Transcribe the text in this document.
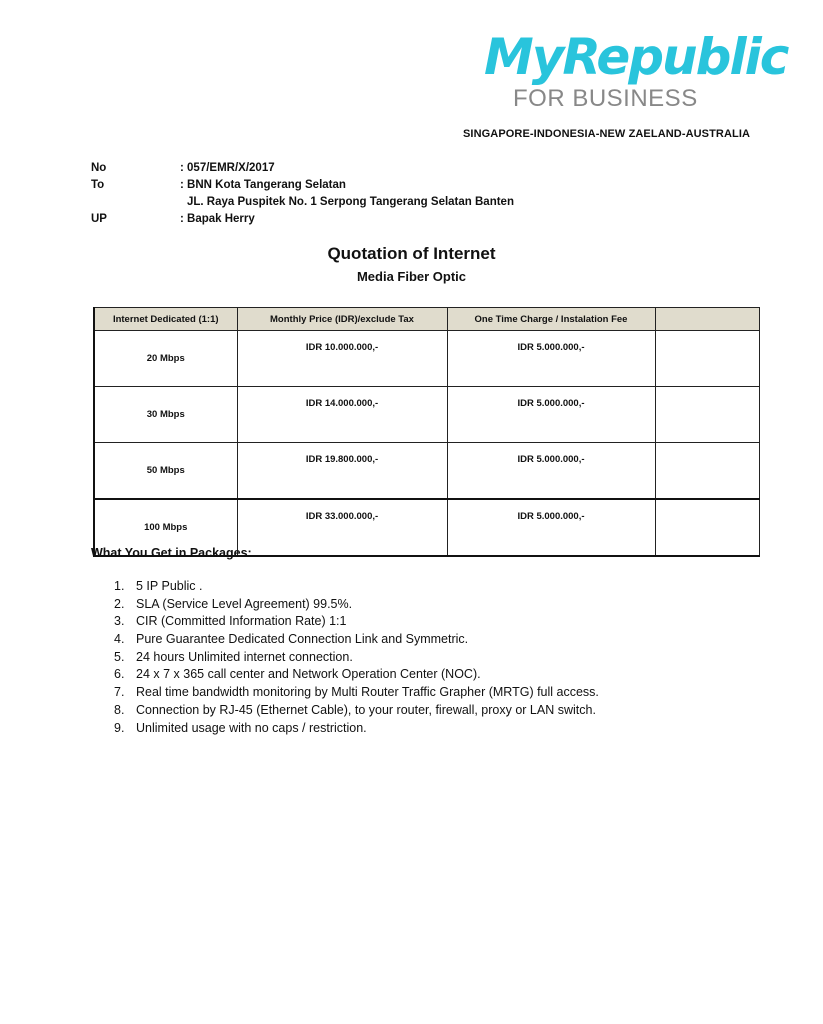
MyRepublic
FOR BUSINESS
SINGAPORE-INDONESIA-NEW ZAELAND-AUSTRALIA
No	: 057/EMR/X/2017
To	: BNN Kota Tangerang Selatan
JL. Raya Puspitek No. 1 Serpong Tangerang Selatan Banten
UP	: Bapak Herry
Quotation of Internet
Media Fiber Optic
Internet Dedicated (1:1)	Monthly Price (IDR)/exclude Tax	One Time Charge / Instalation Fee	
20 Mbps	IDR 10.000.000,-	IDR 5.000.000,-	
30 Mbps	IDR 14.000.000,-	IDR 5.000.000,-	
50 Mbps	IDR 19.800.000,-	IDR 5.000.000,-	
100 Mbps	IDR 33.000.000,-	IDR 5.000.000,-	
What You Get in Packages:
1. 5 IP Public .
2. SLA (Service Level Agreement) 99.5%.
3. CIR (Committed Information Rate) 1:1
4. Pure Guarantee Dedicated Connection Link and Symmetric.
5. 24 hours Unlimited internet connection.
6. 24 x 7 x 365 call center and Network Operation Center (NOC).
7. Real time bandwidth monitoring by Multi Router Traffic Grapher (MRTG) full access.
8. Connection by RJ-45 (Ethernet Cable), to your router, firewall, proxy or LAN switch.
9. Unlimited usage with no caps / restriction.
